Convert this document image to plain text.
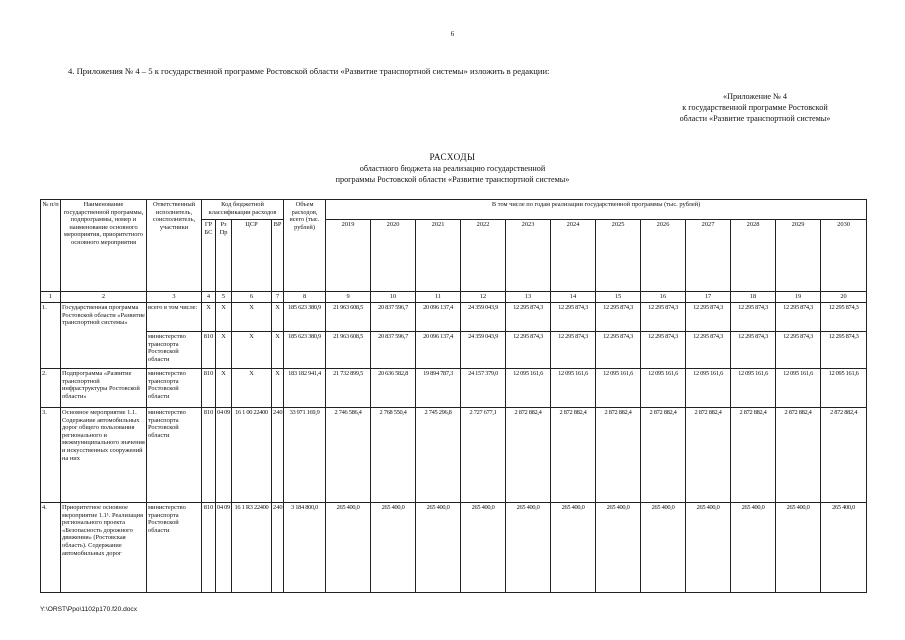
6
4. Приложения № 4 – 5 к государственной программе Ростовской области «Развитие транспортной системы» изложить в редакции:
«Приложение № 4
к государственной программе Ростовской
области «Развитие транспортной системы»
РАСХОДЫ
областного бюджета на реализацию государственной
программы Ростовской области «Развитие транспортной системы»
№ п/п	Наименование государственной программы, подпрограммы, номер и наименование основного мероприятия, приоритетного основного мероприятия	Ответственный исполнитель, соисполнитель, участники	Код бюджетной классификации расходов				Объем расходов, всего (тыс. рублей)	В том числе по годам реализации государственной программы (тыс. рублей)											
			ГР БС	Рз Пр	ЦСР	ВР		2019	2020	2021	2022	2023	2024	2025	2026	2027	2028	2029	2030
1	2	3	4	5	6	7	8	9	10	11	12	13	14	15	16	17	18	19	20
1.	Государственная программа Ростовской области «Развитие транспортной системы»	всего в том числе:	X	X	X	X	185 623 380,9	21 963 608,5	20 837 596,7	20 096 137,4	24 359 043,9	12 295 874,3	12 295 874,3	12 295 874,3	12 295 874,3	12 295 874,3	12 295 874,3	12 295 874,3	12 295 874,3
		министерство транспорта Ростовской области	810	X	X	X	185 623 380,9	21 963 608,5	20 837 596,7	20 096 137,4	24 359 043,9	12 295 874,3	12 295 874,3	12 295 874,3	12 295 874,3	12 295 874,3	12 295 874,3	12 295 874,3	12 295 874,3
2.	Подпрограмма «Развитие транспортной инфраструктуры Ростовской области»	министерство транспорта Ростовской области	810	X	X	X	183 182 941,4	21 732 899,5	20 636 582,8	19 894 787,3	24 157 379,0	12 095 161,6	12 095 161,6	12 095 161,6	12 095 161,6	12 095 161,6	12 095 161,6	12 095 161,6	12 095 161,6
3.	Основное мероприятие 1.1. Содержание автомобильных дорог общего пользования регионального и межмуниципального значения и искусственных сооружений на них	министерство транспорта Ростовской области	810	04 09	16 1 00 22400	240	33 971 169,9	2 746 586,4	2 768 550,4	2 745 296,8	2 727 677,1	2 872 882,4	2 872 882,4	2 872 882,4	2 872 882,4	2 872 882,4	2 872 882,4	2 872 882,4	2 872 882,4
4.	Приоритетное основное мероприятие 1.1¹. Реализация регионального проекта «Безопасность дорожного движения» (Ростовская область). Содержание автомобильных дорог	министерство транспорта Ростовской области	810	04 09	16 1 R3 22400	240	3 184 800,0	265 400,0	265 400,0	265 400,0	265 400,0	265 400,0	265 400,0	265 400,0	265 400,0	265 400,0	265 400,0	265 400,0	265 400,0
Y:\ORST\Ppo\1102p170.f20.docx
